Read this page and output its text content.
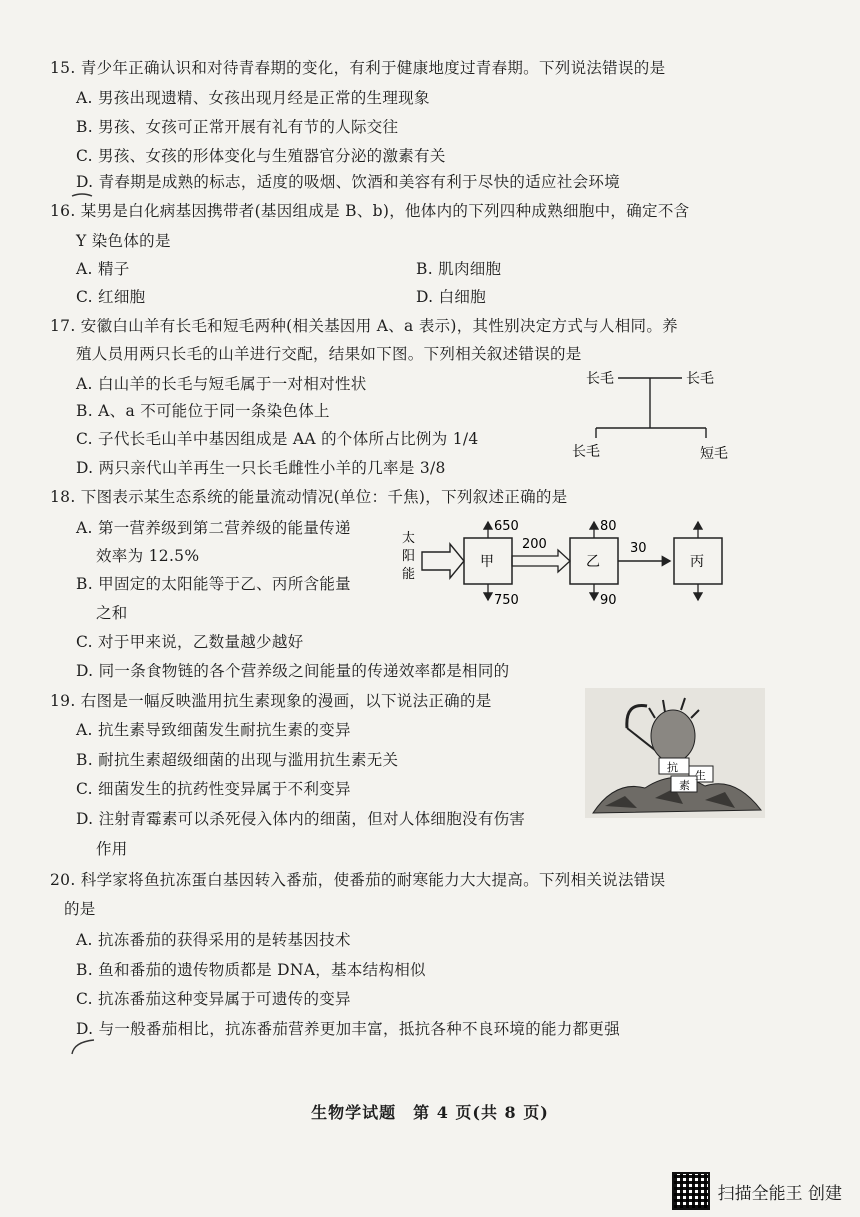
15. 青少年正确认识和对待青春期的变化，有利于健康地度过青春期。下列说法错误的是
A. 男孩出现遗精、女孩出现月经是正常的生理现象
B. 男孩、女孩可正常开展有礼有节的人际交往
C. 男孩、女孩的形体变化与生殖器官分泌的激素有关
D. 青春期是成熟的标志，适度的吸烟、饮酒和美容有利于尽快的适应社会环境
16. 某男是白化病基因携带者(基因组成是 B、b)，他体内的下列四种成熟细胞中，确定不含
Y 染色体的是
A. 精子	B. 肌肉细胞
C. 红细胞	D. 白细胞
17. 安徽白山羊有长毛和短毛两种(相关基因用 A、a 表示)，其性别决定方式与人相同。养
殖人员用两只长毛的山羊进行交配，结果如下图。下列相关叙述错误的是
A. 白山羊的长毛与短毛属于一对相对性状
B. A、a 不可能位于同一条染色体上
C. 子代长毛山羊中基因组成是 AA 的个体所占比例为 1/4
D. 两只亲代山羊再生一只长毛雌性小羊的几率是 3/8
长毛	长毛
长毛	短毛
18. 下图表示某生态系统的能量流动情况(单位：千焦)，下列叙述正确的是
A. 第一营养级到第二营养级的能量传递
效率为 12.5%
B. 甲固定的太阳能等于乙、丙所含能量
之和
C. 对于甲来说，乙数量越少越好
D. 同一条食物链的各个营养级之间能量的传递效率都是相同的
太
阳
能
甲
650
750
200
乙
80
90
30
丙
19. 右图是一幅反映滥用抗生素现象的漫画，以下说法正确的是
A. 抗生素导致细菌发生耐抗生素的变异
B. 耐抗生素超级细菌的出现与滥用抗生素无关
C. 细菌发生的抗药性变异属于不利变异
D. 注射青霉素可以杀死侵入体内的细菌，但对人体细胞没有伤害
作用
抗
生
素
20. 科学家将鱼抗冻蛋白基因转入番茄，使番茄的耐寒能力大大提高。下列相关说法错误
的是
A. 抗冻番茄的获得采用的是转基因技术
B. 鱼和番茄的遗传物质都是 DNA，基本结构相似
C. 抗冻番茄这种变异属于可遗传的变异
D. 与一般番茄相比，抗冻番茄营养更加丰富，抵抗各种不良环境的能力都更强
生物学试题　第 4 页(共 8 页)
扫描全能王 创建
